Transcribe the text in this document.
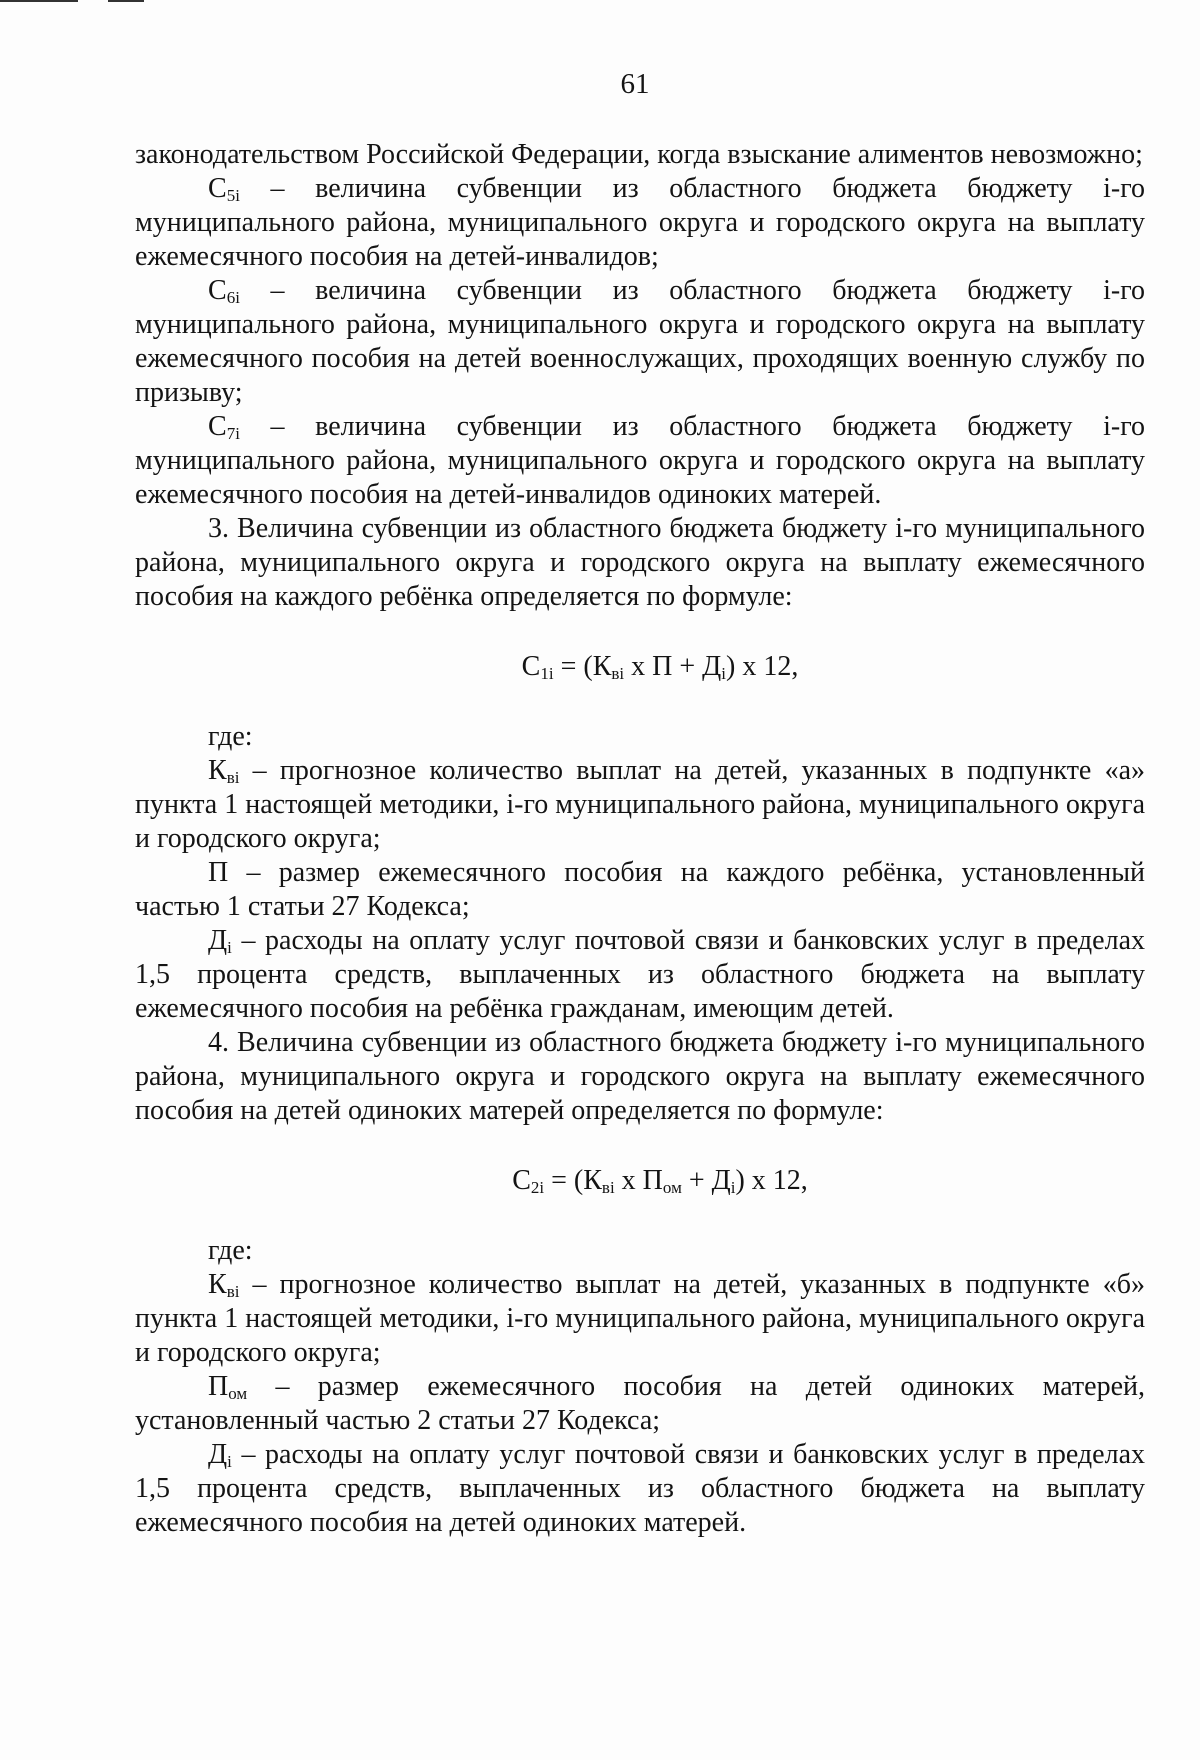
61

законодательством Российской Федерации, когда взыскание алиментов невозможно;

$С_{5i}$ – величина субвенции из областного бюджета бюджету i-го муниципального района, муниципального округа и городского округа на выплату ежемесячного пособия на детей-инвалидов;

$С_{6i}$ – величина субвенции из областного бюджета бюджету i-го муниципального района, муниципального округа и городского округа на выплату ежемесячного пособия на детей военнослужащих, проходящих военную службу по призыву;

$С_{7i}$ – величина субвенции из областного бюджета бюджету i-го муниципального района, муниципального округа и городского округа на выплату ежемесячного пособия на детей-инвалидов одиноких матерей.

3. Величина субвенции из областного бюджета бюджету i-го муниципального района, муниципального округа и городского округа на выплату ежемесячного пособия на каждого ребёнка определяется по формуле:

$С_{1i} = (К_{вi}$ x $П + Д_i$) x 12,

где:

$К_{вi}$ – прогнозное количество выплат на детей, указанных в подпункте «а» пункта 1 настоящей методики, i-го муниципального района, муниципального округа и городского округа;

П – размер ежемесячного пособия на каждого ребёнка, установленный частью 1 статьи 27 Кодекса;

$Д_i$ – расходы на оплату услуг почтовой связи и банковских услуг в пределах 1,5 процента средств, выплаченных из областного бюджета на выплату ежемесячного пособия на ребёнка гражданам, имеющим детей.

4. Величина субвенции из областного бюджета бюджету i-го муниципального района, муниципального округа и городского округа на выплату ежемесячного пособия на детей одиноких матерей определяется по формуле:

$С_{2i} = (К_{вi}$ x $П_{ом} + Д_i$) x 12,

где:

$К_{вi}$ – прогнозное количество выплат на детей, указанных в подпункте «б» пункта 1 настоящей методики, i-го муниципального района, муниципального округа и городского округа;

$П_{ом}$ – размер ежемесячного пособия на детей одиноких матерей, установленный частью 2 статьи 27 Кодекса;

$Д_i$ – расходы на оплату услуг почтовой связи и банковских услуг в пределах 1,5 процента средств, выплаченных из областного бюджета на выплату ежемесячного пособия на детей одиноких матерей.
